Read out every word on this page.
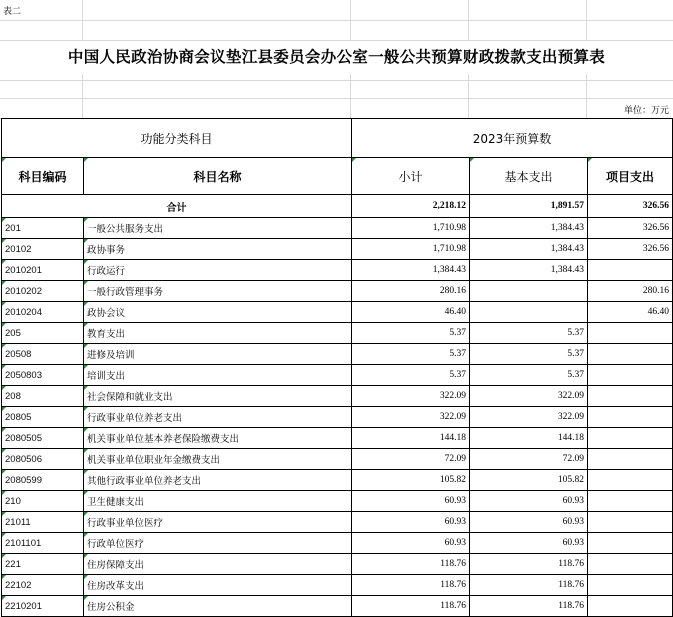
表二
中国人民政治协商会议垫江县委员会办公室一般公共预算财政拨款支出预算表
单位：万元
功能分类科目		2023年预算数		
科目编码	科目名称	小计	基本支出	项目支出
合计		2,218.12	1,891.57	326.56
201	一般公共服务支出	1,710.98	1,384.43	326.56
20102	政协事务	1,710.98	1,384.43	326.56
2010201	行政运行	1,384.43	1,384.43	
2010202	一般行政管理事务	280.16		280.16
2010204	政协会议	46.40		46.40
205	教育支出	5.37	5.37	
20508	进修及培训	5.37	5.37	
2050803	培训支出	5.37	5.37	
208	社会保障和就业支出	322.09	322.09	
20805	行政事业单位养老支出	322.09	322.09	
2080505	机关事业单位基本养老保险缴费支出	144.18	144.18	
2080506	机关事业单位职业年金缴费支出	72.09	72.09	
2080599	其他行政事业单位养老支出	105.82	105.82	
210	卫生健康支出	60.93	60.93	
21011	行政事业单位医疗	60.93	60.93	
2101101	行政单位医疗	60.93	60.93	
221	住房保障支出	118.76	118.76	
22102	住房改革支出	118.76	118.76	
2210201	住房公积金	118.76	118.76	
